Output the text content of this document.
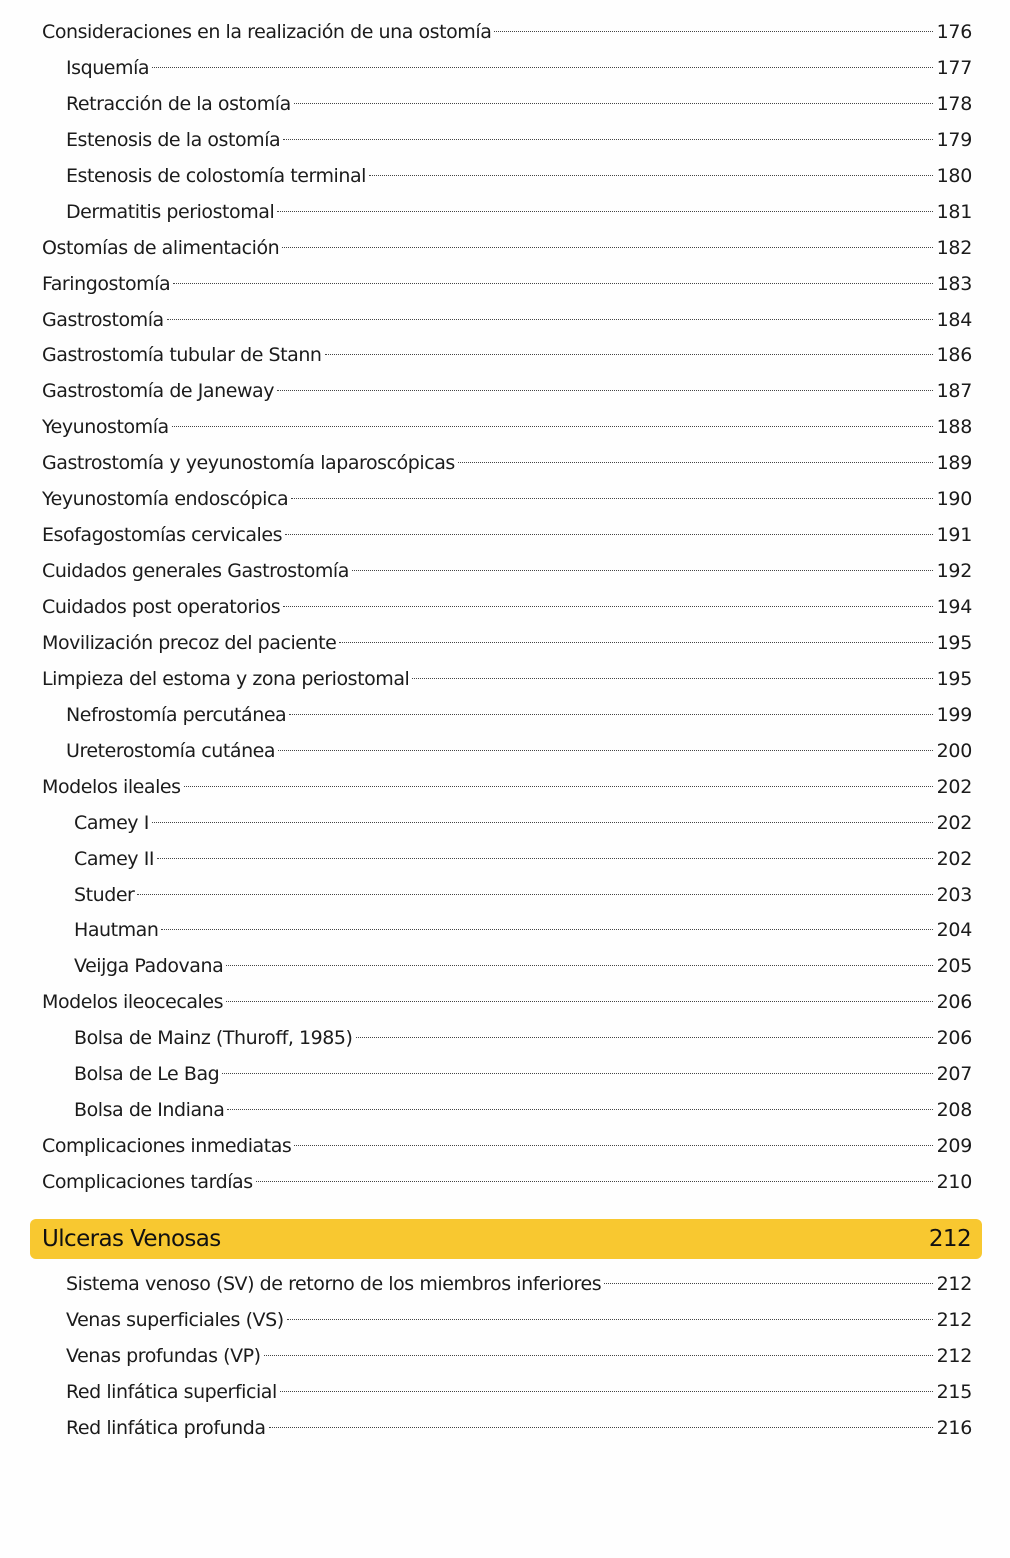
Consideraciones en la realización de una ostomía	176
Isquemía	177
Retracción de la ostomía	178
Estenosis de la ostomía	179
Estenosis de colostomía terminal	180
Dermatitis periostomal	181
Ostomías de alimentación	182
Faringostomía	183
Gastrostomía	184
Gastrostomía tubular de Stann	186
Gastrostomía de Janeway	187
Yeyunostomía	188
Gastrostomía y yeyunostomía laparoscópicas	189
Yeyunostomía endoscópica	190
Esofagostomías cervicales	191
Cuidados generales Gastrostomía	192
Cuidados post operatorios	194
Movilización precoz del paciente	195
Limpieza del estoma y zona periostomal	195
Nefrostomía percutánea	199
Ureterostomía cutánea	200
Modelos ileales	202
Camey I	202
Camey II	202
Studer	203
Hautman	204
Veijga Padovana	205
Modelos ileocecales	206
Bolsa de Mainz (Thuroff, 1985)	206
Bolsa de Le Bag	207
Bolsa de Indiana	208
Complicaciones inmediatas	209
Complicaciones tardías	210
Ulceras Venosas	212
Sistema venoso (SV) de retorno de los miembros inferiores	212
Venas superficiales (VS)	212
Venas profundas (VP)	212
Red linfática superficial	215
Red linfática profunda	216
